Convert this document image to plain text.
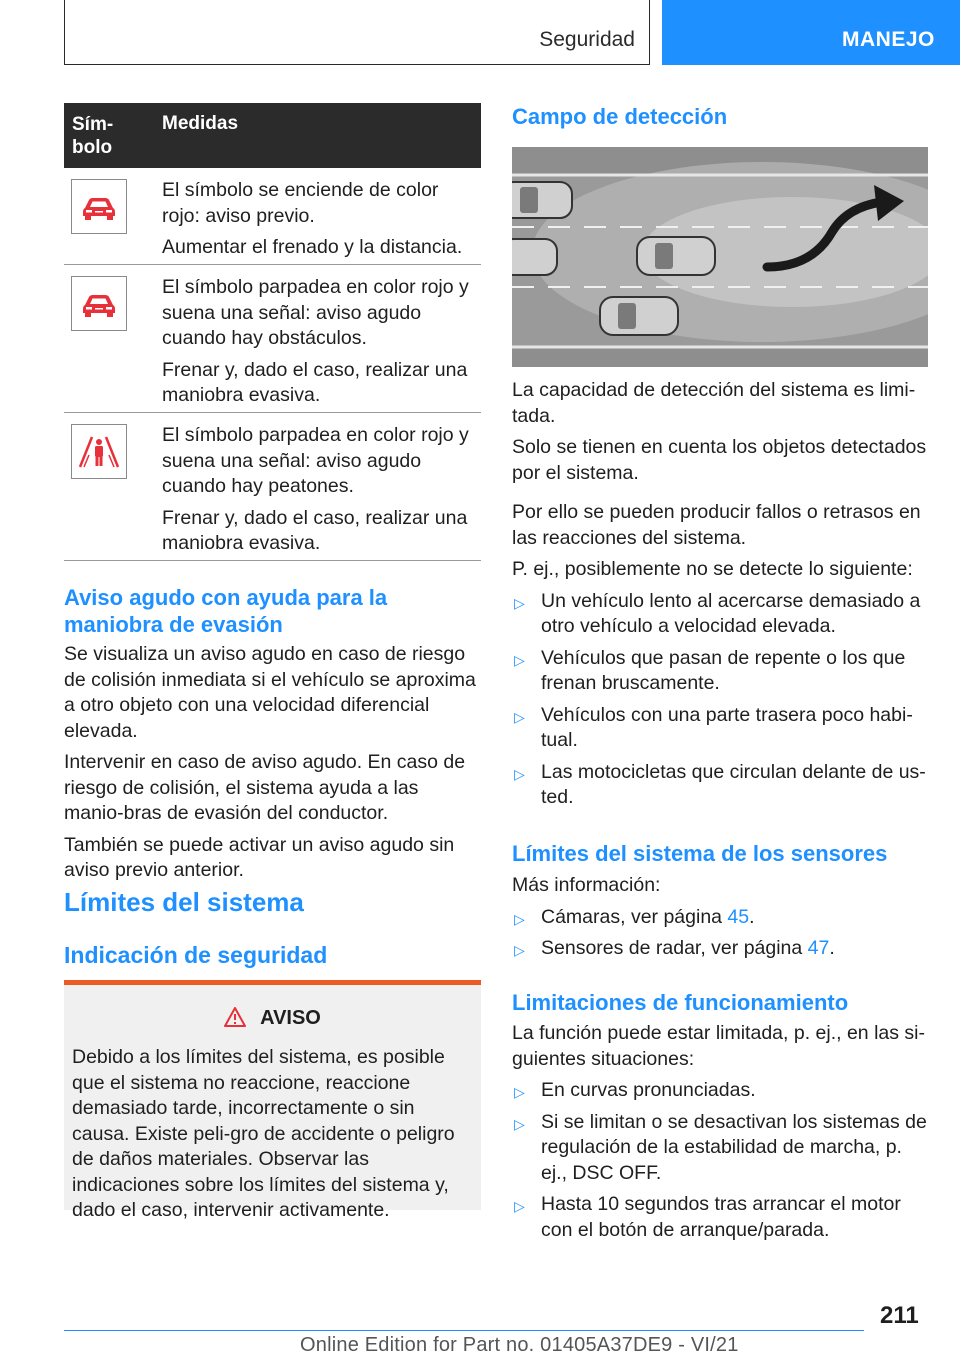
Seguridad	MANEJO
Sím-
bolo
Medidas

El símbolo se enciende de color rojo: aviso previo.

Aumentar el frenado y la distancia.

El símbolo parpadea en color rojo y suena una señal: aviso agudo cuando hay obstáculos.

Frenar y, dado el caso, realizar una maniobra evasiva.

El símbolo parpadea en color rojo y suena una señal: aviso agudo cuando hay peatones.

Frenar y, dado el caso, realizar una maniobra evasiva.

Aviso agudo con ayuda para la maniobra de evasión

Se visualiza un aviso agudo en caso de riesgo de colisión inmediata si el vehículo se aproxima a otro objeto con una velocidad diferencial elevada.

Intervenir en caso de aviso agudo. En caso de riesgo de colisión, el sistema ayuda a las manio‐bras de evasión del conductor.

También se puede activar un aviso agudo sin aviso previo anterior.

Límites del sistema
Indicación de seguridad
AVISO
Debido a los límites del sistema, es posible que el sistema no reaccione, reaccione demasiado tarde, incorrectamente o sin causa. Existe peli‐gro de accidente o peligro de daños materiales. Observar las indicaciones sobre los límites del sistema y, dado el caso, intervenir activamente.
Campo de detección

La capacidad de detección del sistema es limi‐tada.

Solo se tienen en cuenta los objetos detectados por el sistema.

Por ello se pueden producir fallos o retrasos en las reacciones del sistema.

P. ej., posiblemente no se detecte lo siguiente:

▷ Un vehículo lento al acercarse demasiado a otro vehículo a velocidad elevada.
▷ Vehículos que pasan de repente o los que frenan bruscamente.
▷ Vehículos con una parte trasera poco habi‐tual.
▷ Las motocicletas que circulan delante de us‐ted.
Límites del sistema de los sensores

Más información:

▷ Cámaras, ver página 45.
▷ Sensores de radar, ver página 47.
Limitaciones de funcionamiento

La función puede estar limitada, p. ej., en las si‐guientes situaciones:

▷ En curvas pronunciadas.
▷ Si se limitan o se desactivan los sistemas de regulación de la estabilidad de marcha, p. ej., DSC OFF.
▷ Hasta 10 segundos tras arrancar el motor con el botón de arranque/parada.
211
Online Edition for Part no. 01405A37DE9 - VI/21
